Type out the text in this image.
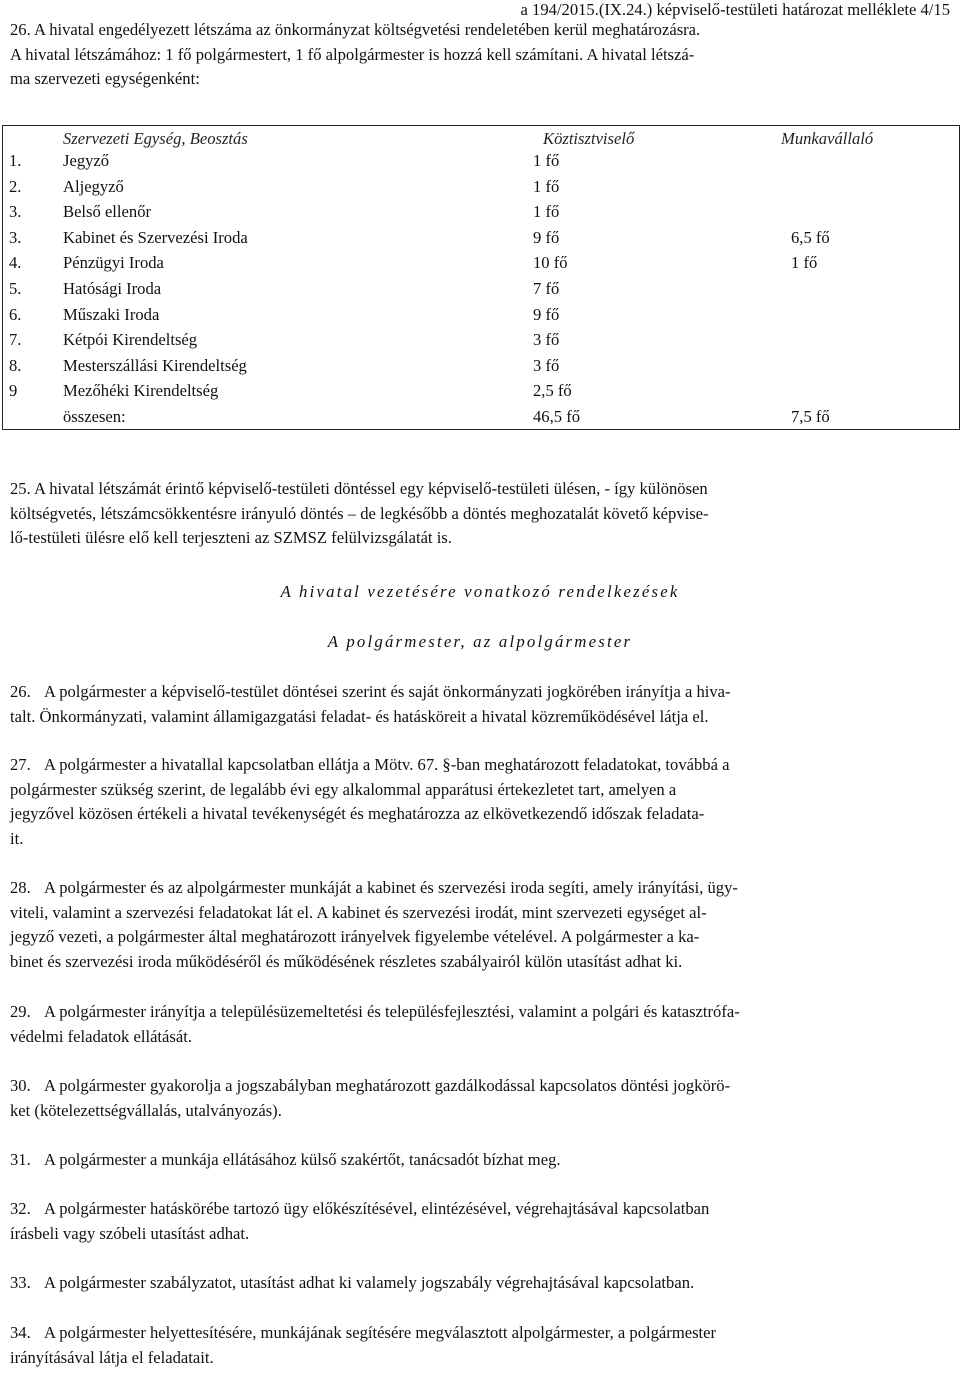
a 194/2015.(IX.24.) képviselő-testületi határozat melléklete 4/15

26. A hivatal engedélyezett létszáma az önkormányzat költségvetési rendeletében kerül meghatározásra.

A hivatal létszámához: 1 fő polgármestert, 1 fő alpolgármester is hozzá kell számítani. A hivatal létszá-

ma szervezeti egységenként:

Szervezeti Egység, Beosztás	Köztisztviselő	Munkavállaló
1.	Jegyző	1 fő
2.	Aljegyző	1 fő
3.	Belső ellenőr	1 fő
3.	Kabinet és Szervezési Iroda	9 fő	6,5 fő
4.	Pénzügyi Iroda	10 fő	1 fő
5.	Hatósági Iroda	7 fő
6.	Műszaki Iroda	9 fő
7.	Kétpói Kirendeltség	3 fő
8.	Mesterszállási Kirendeltség	3 fő
9	Mezőhéki Kirendeltség	2,5 fő
összesen:	46,5 fő	7,5 fő

25. A hivatal létszámát érintő képviselő-testületi döntéssel egy képviselő-testületi ülésen, - így különösen

költségvetés, létszámcsökkentésre irányuló döntés – de legkésőbb a döntés meghozatalát követő képvise-

lő-testületi ülésre elő kell terjeszteni az SZMSZ felülvizsgálatát is.

A hivatal vezetésére vonatkozó rendelkezések
A polgármester, az alpolgármester

26. A polgármester a képviselő-testület döntései szerint és saját önkormányzati jogkörében irányítja a hiva-

talt. Önkormányzati, valamint államigazgatási feladat- és hatásköreit a hivatal közreműködésével látja el.

27. A polgármester a hivatallal kapcsolatban ellátja a Mötv. 67. §-ban meghatározott feladatokat, továbbá a

polgármester szükség szerint, de legalább évi egy alkalommal apparátusi értekezletet tart, amelyen a

jegyzővel közösen értékeli a hivatal tevékenységét és meghatározza az elkövetkezendő időszak feladata-

it.

28. A polgármester és az alpolgármester munkáját a kabinet és szervezési iroda segíti, amely irányítási, ügy-

viteli, valamint a szervezési feladatokat lát el. A kabinet és szervezési irodát, mint szervezeti egységet al-

jegyző vezeti, a polgármester által meghatározott irányelvek figyelembe vételével. A polgármester a ka-

binet és szervezési iroda működéséről és működésének részletes szabályairól külön utasítást adhat ki.

29. A polgármester irányítja a településüzemeltetési és településfejlesztési, valamint a polgári és katasztrófa-

védelmi feladatok ellátását.

30. A polgármester gyakorolja a jogszabályban meghatározott gazdálkodással kapcsolatos döntési jogkörö-

ket (kötelezettségvállalás, utalványozás).

31. A polgármester a munkája ellátásához külső szakértőt, tanácsadót bízhat meg.

32. A polgármester hatáskörébe tartozó ügy előkészítésével, elintézésével, végrehajtásával kapcsolatban

írásbeli vagy szóbeli utasítást adhat.

33. A polgármester szabályzatot, utasítást adhat ki valamely jogszabály végrehajtásával kapcsolatban.

34. A polgármester helyettesítésére, munkájának segítésére megválasztott alpolgármester, a polgármester

irányításával látja el feladatait.
